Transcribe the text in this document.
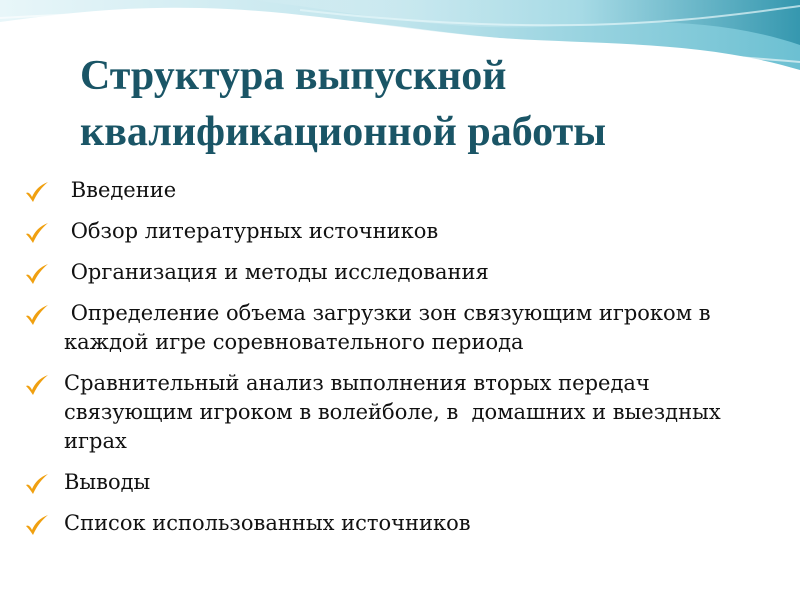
Структура выпускной
квалификационной работы
Введение
Обзор литературных источников
Организация и методы исследования
Определение объема загрузки зон связующим игроком в каждой игре соревновательного периода
Сравнительный анализ выполнения вторых передач связующим игроком в волейболе, в  домашних и выездных играх
Выводы
Список использованных источников
